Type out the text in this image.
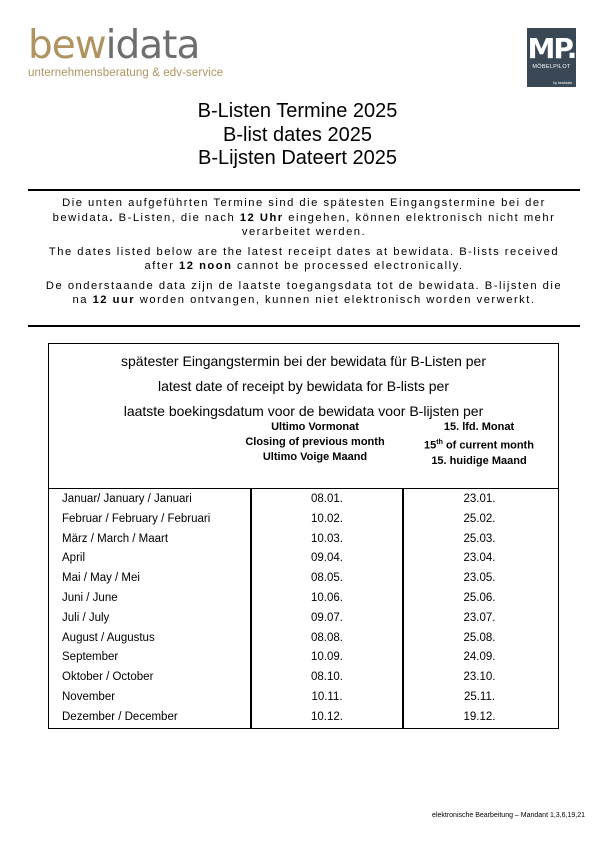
bewidata
unternehmensberatung & edv-service
MP.
MÖBELPILOT
by bewidata
B-Listen Termine 2025
B-list dates 2025
B-Lijsten Dateert 2025

Die unten aufgeführten Termine sind die spätesten Eingangstermine bei der bewidata. B-Listen, die nach 12 Uhr eingehen, können elektronisch nicht mehr verarbeitet werden.

The dates listed below are the latest receipt dates at bewidata. B-lists received after 12 noon cannot be processed electronically.

De onderstaande data zijn de laatste toegangsdata tot de bewidata. B-lijsten die na 12 uur worden ontvangen, kunnen niet elektronisch worden verwerkt.

spätester Eingangstermin bei der bewidata für B-Listen per
latest date of receipt by bewidata for B-lists per
laatste boekingsdatum voor de bewidata voor B-lijsten per
Ultimo Vormonat
Closing of previous month
Ultimo Voige Maand
15. lfd. Monat
15th of current month
15. huidige Maand
Januar/ January / Januari	08.01.	23.01.
Februar / February / Februari	10.02.	25.02.
März / March / Maart	10.03.	25.03.
April	09.04.	23.04.
Mai / May / Mei	08.05.	23.05.
Juni / June	10.06.	25.06.
Juli / July	09.07.	23.07.
August / Augustus	08.08.	25.08.
September	10.09.	24.09.
Oktober / October	08.10.	23.10.
November	10.11.	25.11.
Dezember / December	10.12.	19.12.
elektronische Bearbeitung – Mandant 1,3,6,19,21
